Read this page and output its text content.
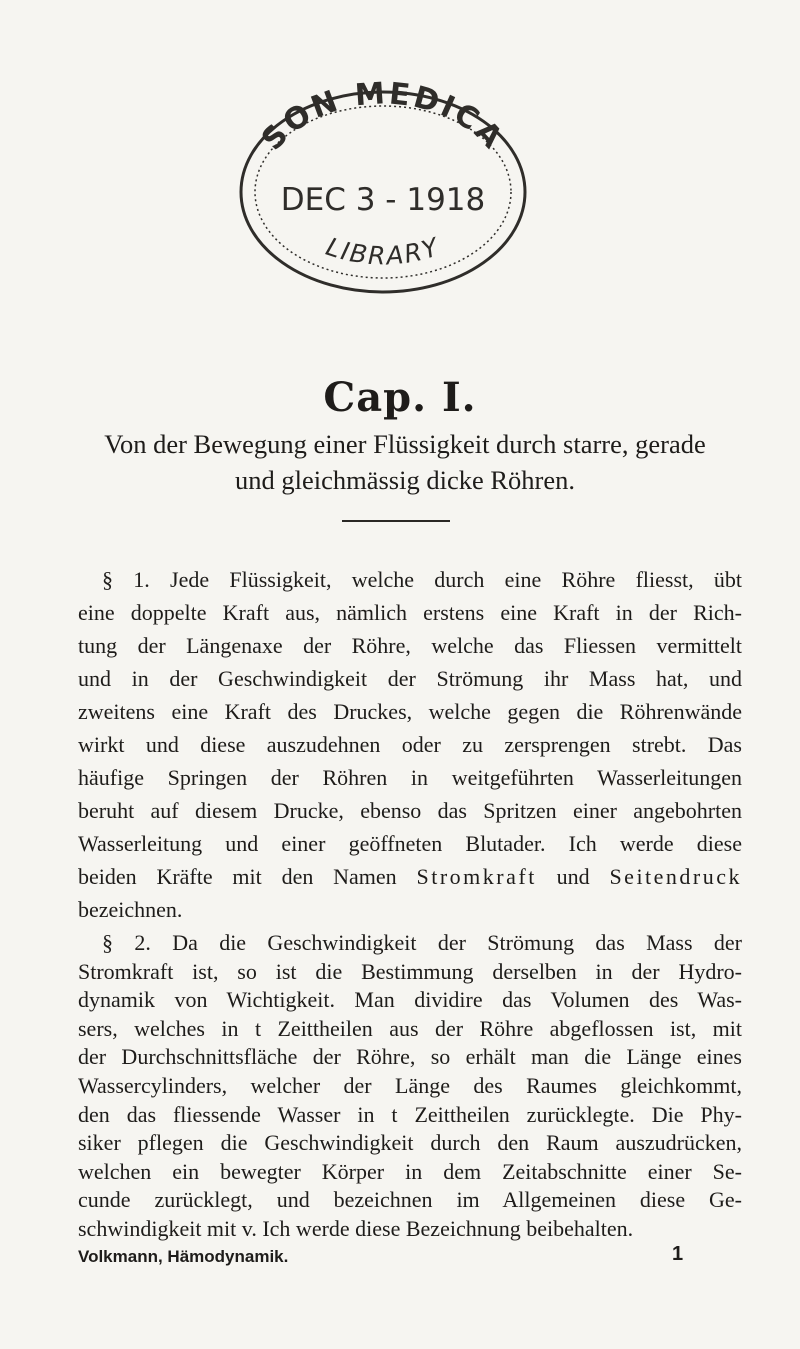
SON MEDICA
DEC 3 - 1918
LIBRARY
Cap. I.
Von der Bewegung einer Flüssigkeit durch starre, gerade
und gleichmässig dicke Röhren.
§ 1. Jede Flüssigkeit, welche durch eine Röhre fliesst, übt
eine doppelte Kraft aus, nämlich erstens eine Kraft in der Rich-
tung der Längenaxe der Röhre, welche das Fliessen vermittelt
und in der Geschwindigkeit der Strömung ihr Mass hat, und
zweitens eine Kraft des Druckes, welche gegen die Röhrenwände
wirkt und diese auszudehnen oder zu zersprengen strebt. Das
häufige Springen der Röhren in weitgeführten Wasserleitungen
beruht auf diesem Drucke, ebenso das Spritzen einer angebohrten
Wasserleitung und einer geöffneten Blutader. Ich werde diese
beiden Kräfte mit den Namen Stromkraft und Seitendruck
bezeichnen.
§ 2. Da die Geschwindigkeit der Strömung das Mass der
Stromkraft ist, so ist die Bestimmung derselben in der Hydro-
dynamik von Wichtigkeit. Man dividire das Volumen des Was-
sers, welches in t Zeittheilen aus der Röhre abgeflossen ist, mit
der Durchschnittsfläche der Röhre, so erhält man die Länge eines
Wassercylinders, welcher der Länge des Raumes gleichkommt,
den das fliessende Wasser in t Zeittheilen zurücklegte. Die Phy-
siker pflegen die Geschwindigkeit durch den Raum auszudrücken,
welchen ein bewegter Körper in dem Zeitabschnitte einer Se-
cunde zurücklegt, und bezeichnen im Allgemeinen diese Ge-
schwindigkeit mit v. Ich werde diese Bezeichnung beibehalten.
Volkmann, Hämodynamik.	1
